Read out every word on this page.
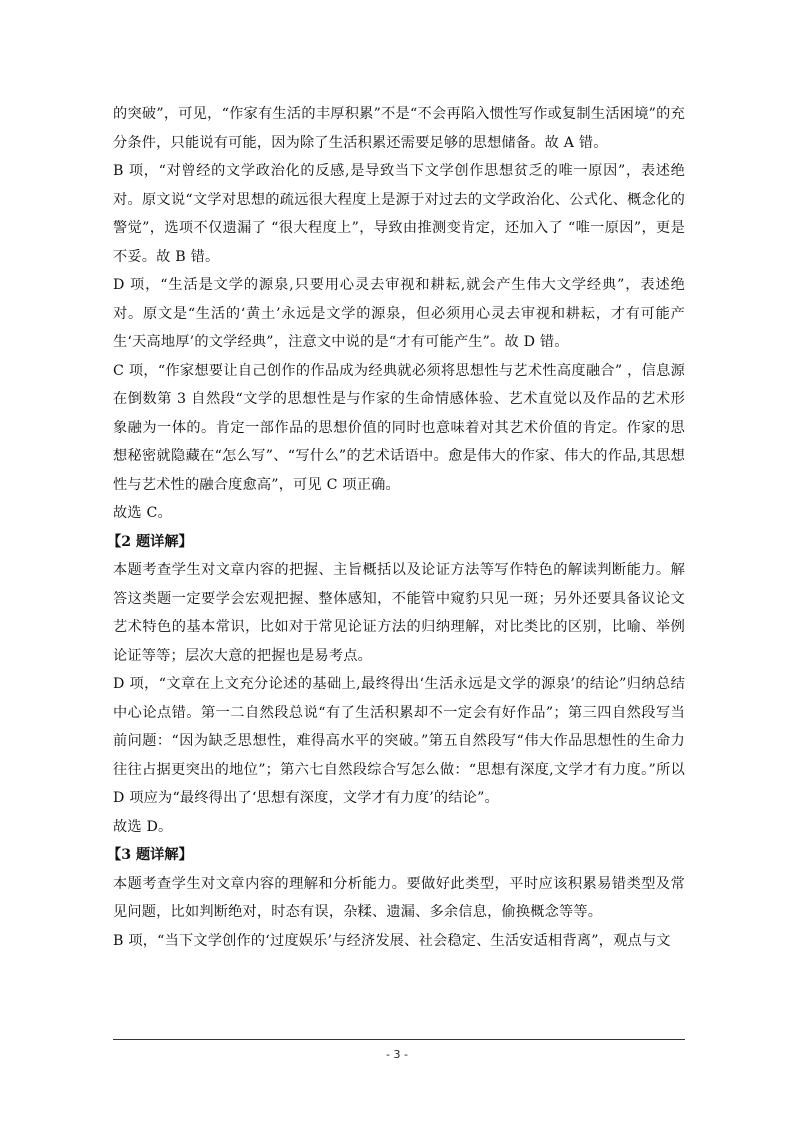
的突破”，可见，“作家有生活的丰厚积累”不是“不会再陷入惯性写作或复制生活困境”的充分条件，只能说有可能，因为除了生活积累还需要足够的思想储备。故 A 错。

B 项，“对曾经的文学政治化的反感,是导致当下文学创作思想贫乏的唯一原因”，表述绝对。原文说“文学对思想的疏远很大程度上是源于对过去的文学政治化、公式化、概念化的警觉”，选项不仅遗漏了 “很大程度上”，导致由推测变肯定，还加入了 “唯一原因”，更是不妥。故 B 错。

D 项，“生活是文学的源泉,只要用心灵去审视和耕耘,就会产生伟大文学经典”，表述绝对。原文是“生活的‘黄土’永远是文学的源泉，但必须用心灵去审视和耕耘，才有可能产生‘天高地厚’的文学经典”，注意文中说的是“才有可能产生”。故 D 错。

C 项，“作家想要让自己创作的作品成为经典就必须将思想性与艺术性高度融合” ，信息源在倒数第 3 自然段“文学的思想性是与作家的生命情感体验、艺术直觉以及作品的艺术形象融为一体的。肯定一部作品的思想价值的同时也意味着对其艺术价值的肯定。作家的思想秘密就隐藏在“怎么写”、“写什么”的艺术话语中。愈是伟大的作家、伟大的作品,其思想性与艺术性的融合度愈高”，可见 C 项正确。

故选 C。

【2 题详解】

本题考查学生对文章内容的把握、主旨概括以及论证方法等写作特色的解读判断能力。解答这类题一定要学会宏观把握、整体感知，不能管中窥豹只见一斑；另外还要具备议论文艺术特色的基本常识，比如对于常见论证方法的归纳理解，对比类比的区别，比喻、举例论证等等；层次大意的把握也是易考点。

D 项，“文章在上文充分论述的基础上,最终得出‘生活永远是文学的源泉’的结论”归纳总结中心论点错。第一二自然段总说“有了生活积累却不一定会有好作品”；第三四自然段写当前问题：“因为缺乏思想性，难得高水平的突破。”第五自然段写“伟大作品思想性的生命力往往占据更突出的地位”；第六七自然段综合写怎么做：“思想有深度,文学才有力度。”所以 D 项应为“最终得出了‘思想有深度，文学才有力度’的结论”。

故选 D。

【3 题详解】

本题考查学生对文章内容的理解和分析能力。要做好此类型，平时应该积累易错类型及常见问题，比如判断绝对，时态有误，杂糅、遗漏、多余信息，偷换概念等等。

B 项，“当下文学创作的‘过度娱乐’与经济发展、社会稳定、生活安适相背离”，观点与文

- 3 -
